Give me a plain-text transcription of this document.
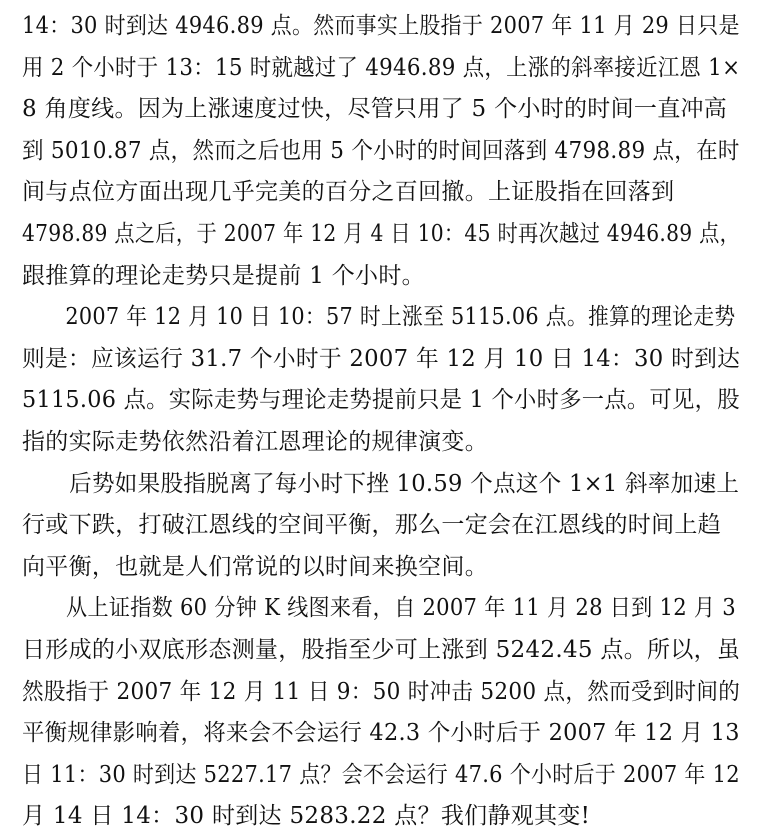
14：30 时到达 4946.89 点。然而事实上股指于 2007 年 11 月 29 日只是
用 2 个小时于 13：15 时就越过了 4946.89 点，上涨的斜率接近江恩 1×
8 角度线。因为上涨速度过快，尽管只用了 5 个小时的时间一直冲高
到 5010.87 点，然而之后也用 5 个小时的时间回落到 4798.89 点，在时
间与点位方面出现几乎完美的百分之百回撤。上证股指在回落到
4798.89 点之后，于 2007 年 12 月 4 日 10：45 时再次越过 4946.89 点，
跟推算的理论走势只是提前 1 个小时。
2007 年 12 月 10 日 10：57 时上涨至 5115.06 点。推算的理论走势
则是：应该运行 31.7 个小时于 2007 年 12 月 10 日 14：30 时到达
5115.06 点。实际走势与理论走势提前只是 1 个小时多一点。可见，股
指的实际走势依然沿着江恩理论的规律演变。
后势如果股指脱离了每小时下挫 10.59 个点这个 1×1 斜率加速上
行或下跌，打破江恩线的空间平衡，那么一定会在江恩线的时间上趋
向平衡，也就是人们常说的以时间来换空间。
从上证指数 60 分钟 K 线图来看，自 2007 年 11 月 28 日到 12 月 3
日形成的小双底形态测量，股指至少可上涨到 5242.45 点。所以，虽
然股指于 2007 年 12 月 11 日 9：50 时冲击 5200 点，然而受到时间的
平衡规律影响着，将来会不会运行 42.3 个小时后于 2007 年 12 月 13
日 11：30 时到达 5227.17 点？会不会运行 47.6 个小时后于 2007 年 12
月 14 日 14：30 时到达 5283.22 点？我们静观其变!
